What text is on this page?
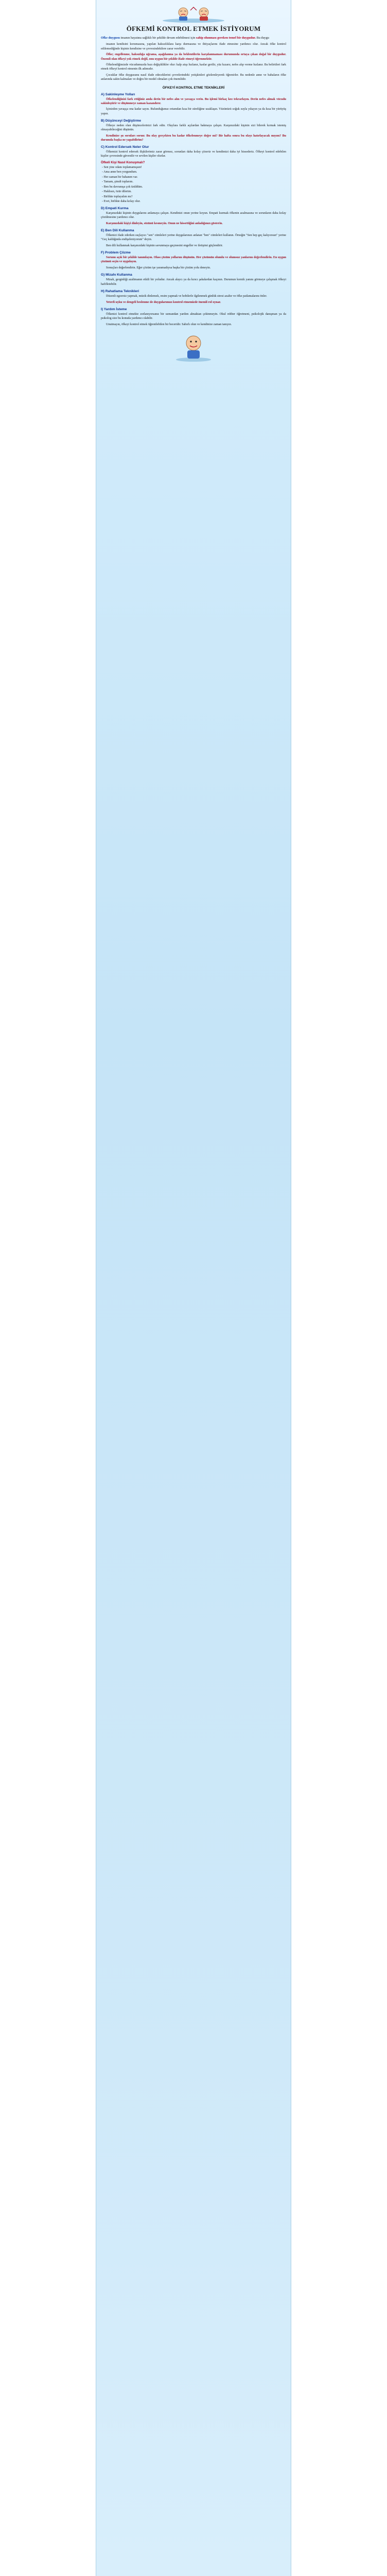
ÖFKEMİ KONTROL ETMEK İSTİYORUM

Ofke duygusu insanın hayatına sağlıklı bir şekilde devam edebilmesi için sahip olunması gereken temel bir duygudur. Bu duygu

insanın kendisini korumasına, yapılan haksızlıklara karşı durmasına ve ihtiyaçlarını ifade etmesine yardımcı olur. Ancak öfke kontrol edilemediğinde kişinin kendisine ve çevresindekilere zarar verebilir.

Öfke; engellenme, haksızlığa uğrama, aşağılanma ya da beklentilerin karşılanmaması durumunda ortaya çıkan doğal bir duygudur. Önemli olan öfkeyi yok etmek değil, onu uygun bir şekilde ifade etmeyi öğrenmektir.

Öfkelendiğimizde vücudumuzda bazı değişiklikler olur: kalp atışı hızlanır, kaslar gerilir, yüz kızarır, nefes alıp verme hızlanır. Bu belirtileri fark etmek öfkeyi kontrol etmenin ilk adımıdır.

Çocuklar öfke duygusunu nasıl ifade edeceklerini çevrelerindeki yetişkinleri gözlemleyerek öğrenirler. Bu nedenle anne ve babaların öfke anlarında sakin kalmaları ve doğru bir model olmaları çok önemlidir.

ÖFKEYİ KONTROL ETME TEKNİKLERİ
A) Sakinleşme Yolları

Öfkelendiğinizi fark ettiğiniz anda derin bir nefes alın ve yavaşça verin. Bu işlemi birkaç kez tekrarlayın. Derin nefes almak vücudu sakinleştirir ve düşünmeye zaman kazandırır.

İçinizden yavaşça ona kadar sayın. Bulunduğunuz ortamdan kısa bir süreliğine uzaklaşın. Yüzünüzü soğuk suyla yıkayın ya da kısa bir yürüyüş yapın.

B) Düşünceyi Değiştirme

Öfkeye neden olan düşüncelerinizi fark edin. Olaylara farklı açılardan bakmaya çalışın. Karşınızdaki kişinin sizi bilerek kırmak istemiş olmayabileceğini düşünün.

Kendinize şu soruları sorun: Bu olay gerçekten bu kadar öfkelenmeye değer mi? Bir hafta sonra bu olayı hatırlayacak mıyım? Bu durumda başka ne yapabilirim?

C) Kontrol Edersek Neler Olur

Öfkemizi kontrol edersek ilişkilerimiz zarar görmez, sorunları daha kolay çözeriz ve kendimizi daha iyi hissederiz. Öfkeyi kontrol edebilen kişiler çevresinde güvenilir ve sevilen kişiler olurlar.

Öfkeli Kişi Nasıl Konuşmalı?

- Sen yine odanı toplamamışsın!

- Ama anne ben yorgundum.

- Her zaman bir bahanen var.

- Tamam, şimdi toplarım.

- Ben bu davranışa çok üzüldüm.

- Haklısın, özür dilerim.

- Birlikte toplayalım mı?

- Evet, birlikte daha kolay olur.

D) Empati Kurma

Karşınızdaki kişinin duygularını anlamaya çalışın. Kendinizi onun yerine koyun. Empati kurmak öfkenin azalmasına ve sorunların daha kolay çözülmesine yardımcı olur.

Karşınızdaki kişiyi dinleyin, sözünü kesmeyin. Onun ne hissettiğini anladığınızı gösterin.

E) Ben Dili Kullanma

Öfkenizi ifade ederken suçlayıcı "sen" cümleleri yerine duygularınızı anlatan "ben" cümleleri kullanın. Örneğin "Sen hep geç kalıyorsun" yerine "Geç kaldığında endişeleniyorum" deyin.

Ben dili kullanmak karşınızdaki kişinin savunmaya geçmesini engeller ve iletişimi güçlendirir.

F) Problem Çözme

Sorunu açık bir şekilde tanımlayın. Olası çözüm yollarını düşünün. Her çözümün olumlu ve olumsuz yanlarını değerlendirin. En uygun çözümü seçin ve uygulayın.

Sonuçları değerlendirin. Eğer çözüm işe yaramadıysa başka bir çözüm yolu deneyin.

G) Mizahı Kullanma

Mizah, gerginliği azaltmanın etkili bir yoludur. Ancak alaycı ya da kırıcı şakalardan kaçının. Durumun komik yanını görmeye çalışmak öfkeyi hafifletebilir.

H) Rahatlama Teknikleri

Düzenli egzersiz yapmak, müzik dinlemek, resim yapmak ve hobilerle ilgilenmek günlük stresi azaltır ve öfke patlamalarını önler.

Yeterli uyku ve dengeli beslenme de duygularımızı kontrol etmemizde önemli rol oynar.

I) Yardım İsteme

Öfkenizi kontrol etmekte zorlanıyorsanız bir uzmandan yardım almaktan çekinmeyin. Okul rehber öğretmeni, psikolojik danışman ya da psikolog size bu konuda yardımcı olabilir.

Unutmayın, öfkeyi kontrol etmek öğrenilebilen bir beceridir. Sabırlı olun ve kendinize zaman tanıyın.
